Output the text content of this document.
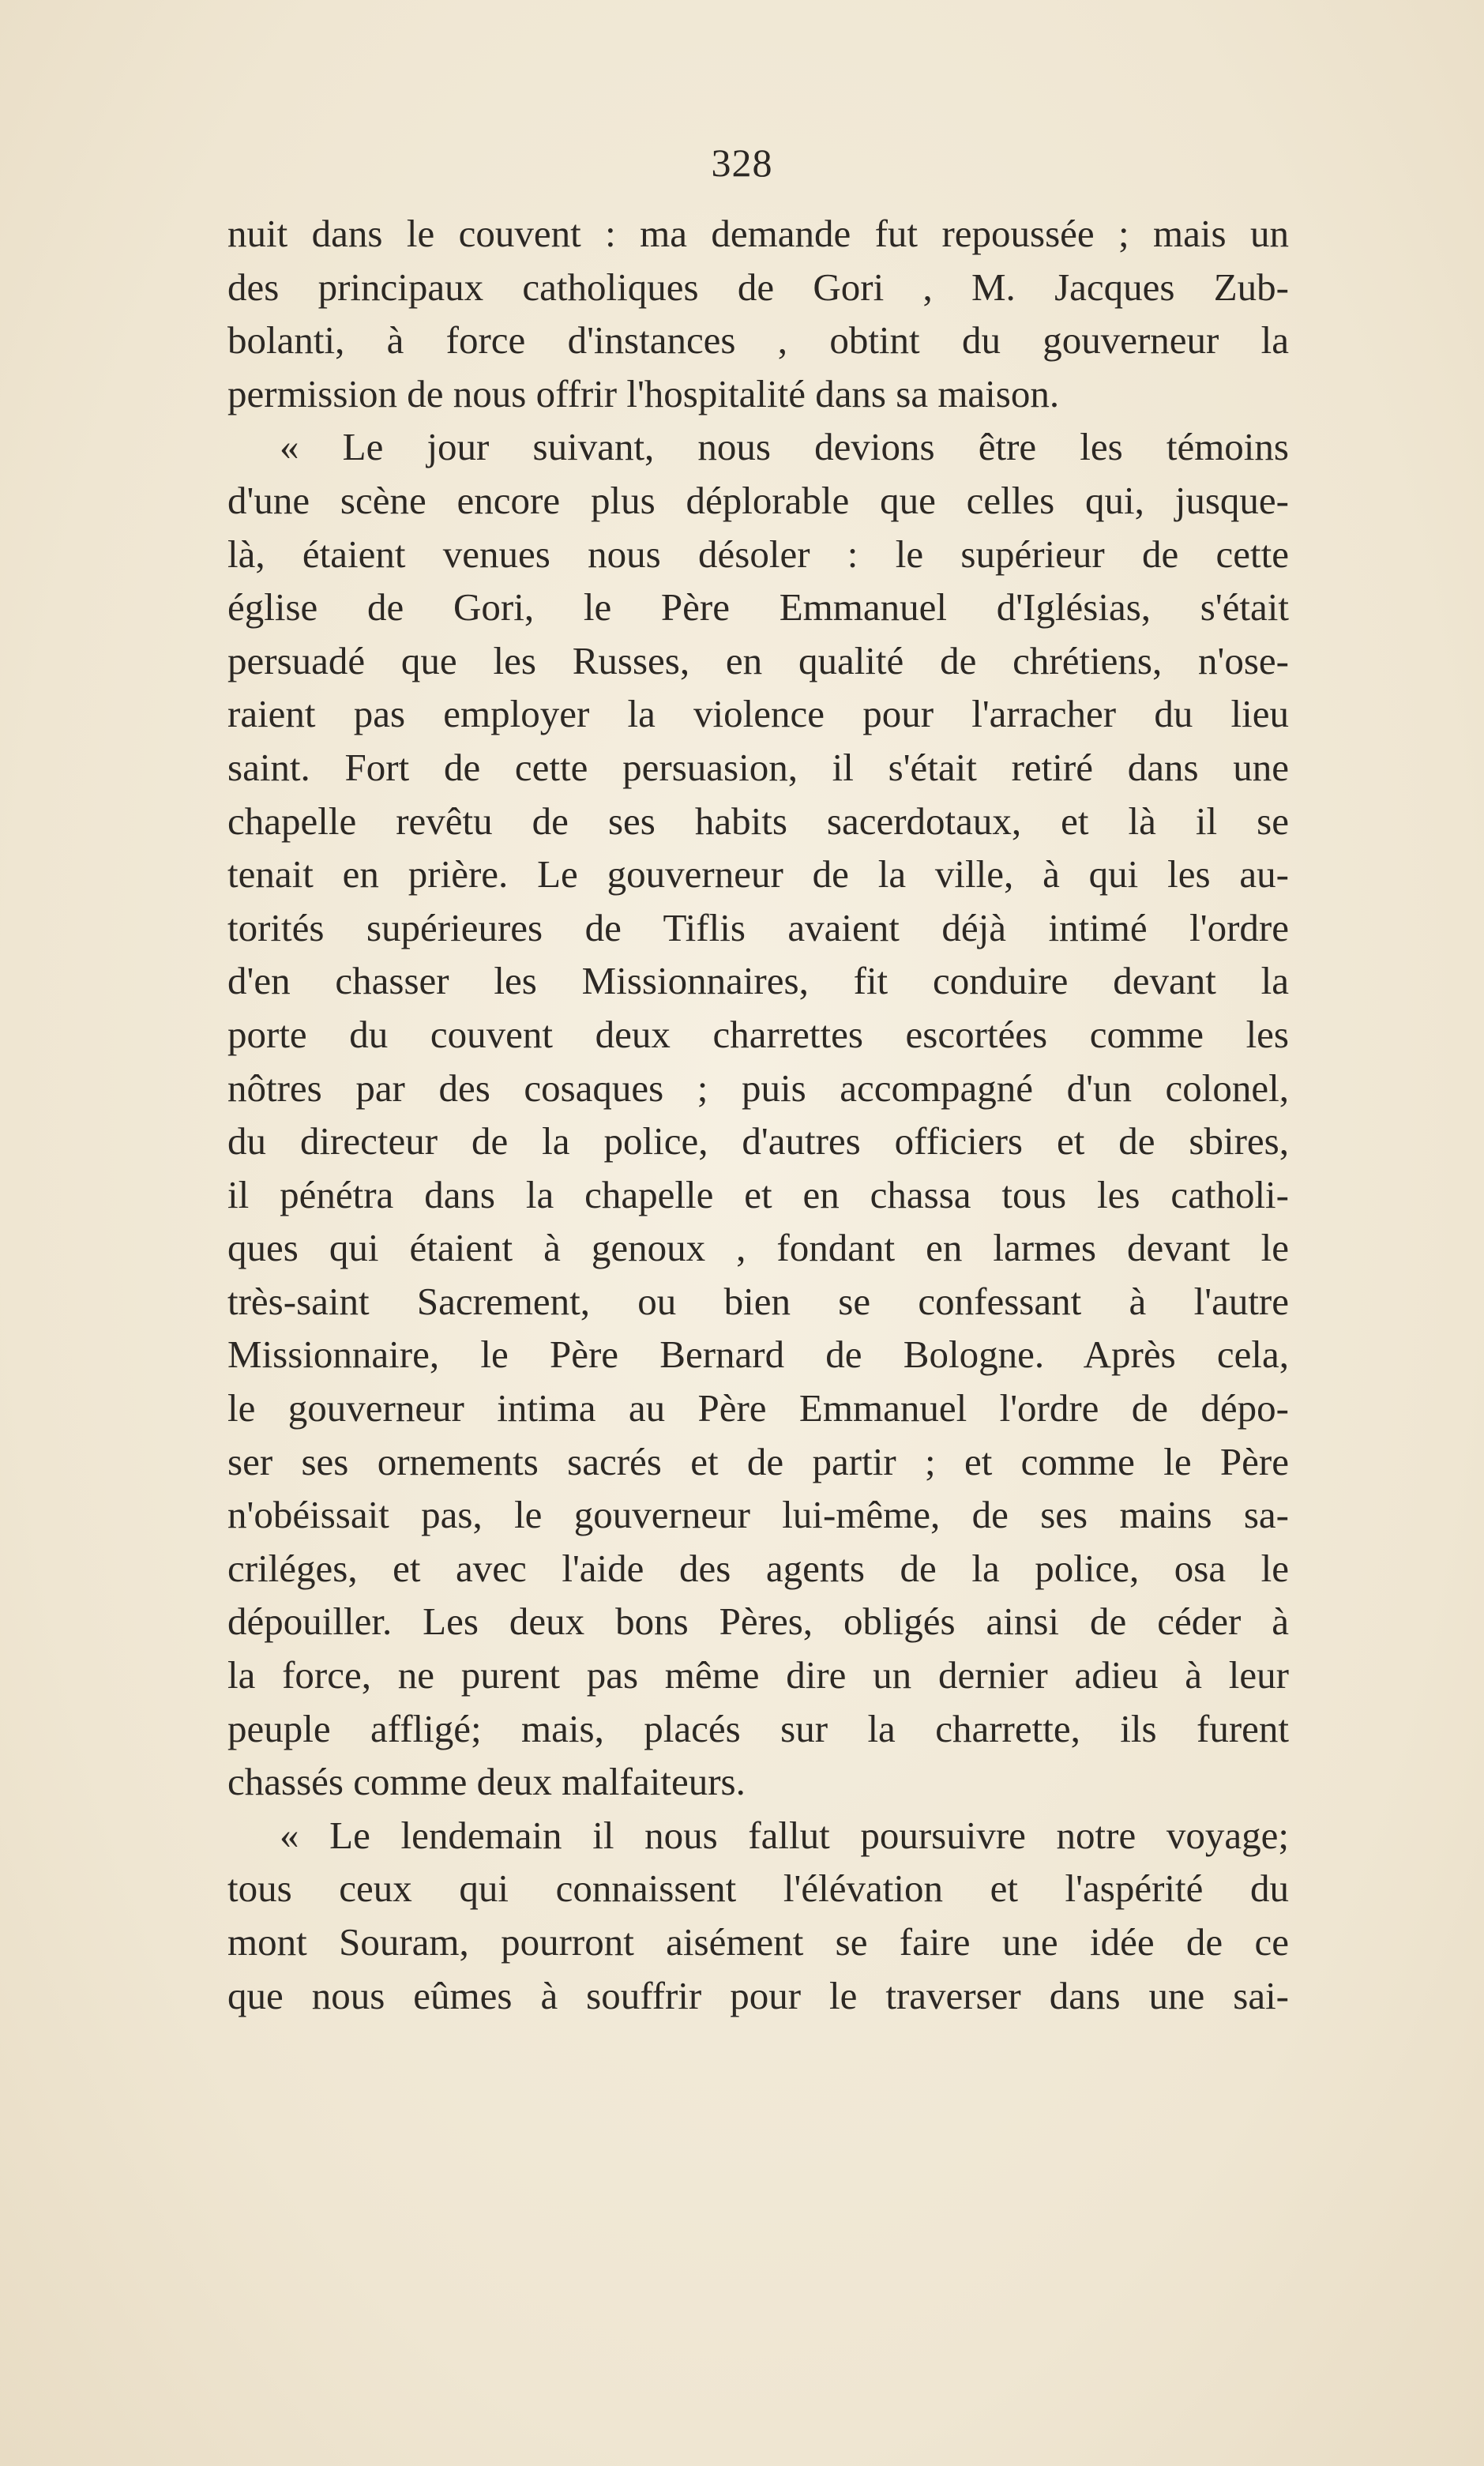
328
nuit dans le couvent : ma demande fut repoussée ; mais un
des principaux catholiques de Gori , M. Jacques Zub-
bolanti, à force d'instances , obtint du gouverneur la
permission de nous offrir l'hospitalité dans sa maison.
« Le jour suivant, nous devions être les témoins
d'une scène encore plus déplorable que celles qui, jusque-
là, étaient venues nous désoler : le supérieur de cette
église de Gori, le Père Emmanuel d'Iglésias, s'était
persuadé que les Russes, en qualité de chrétiens, n'ose-
raient pas employer la violence pour l'arracher du lieu
saint. Fort de cette persuasion, il s'était retiré dans une
chapelle revêtu de ses habits sacerdotaux, et là il se
tenait en prière. Le gouverneur de la ville, à qui les au-
torités supérieures de Tiflis avaient déjà intimé l'ordre
d'en chasser les Missionnaires, fit conduire devant la
porte du couvent deux charrettes escortées comme les
nôtres par des cosaques ; puis accompagné d'un colonel,
du directeur de la police, d'autres officiers et de sbires,
il pénétra dans la chapelle et en chassa tous les catholi-
ques qui étaient à genoux , fondant en larmes devant le
très-saint Sacrement, ou bien se confessant à l'autre
Missionnaire, le Père Bernard de Bologne. Après cela,
le gouverneur intima au Père Emmanuel l'ordre de dépo-
ser ses ornements sacrés et de partir ; et comme le Père
n'obéissait pas, le gouverneur lui-même, de ses mains sa-
criléges, et avec l'aide des agents de la police, osa le
dépouiller. Les deux bons Pères, obligés ainsi de céder à
la force, ne purent pas même dire un dernier adieu à leur
peuple affligé; mais, placés sur la charrette, ils furent
chassés comme deux malfaiteurs.
« Le lendemain il nous fallut poursuivre notre voyage;
tous ceux qui connaissent l'élévation et l'aspérité du
mont Souram, pourront aisément se faire une idée de ce
que nous eûmes à souffrir pour le traverser dans une sai-
